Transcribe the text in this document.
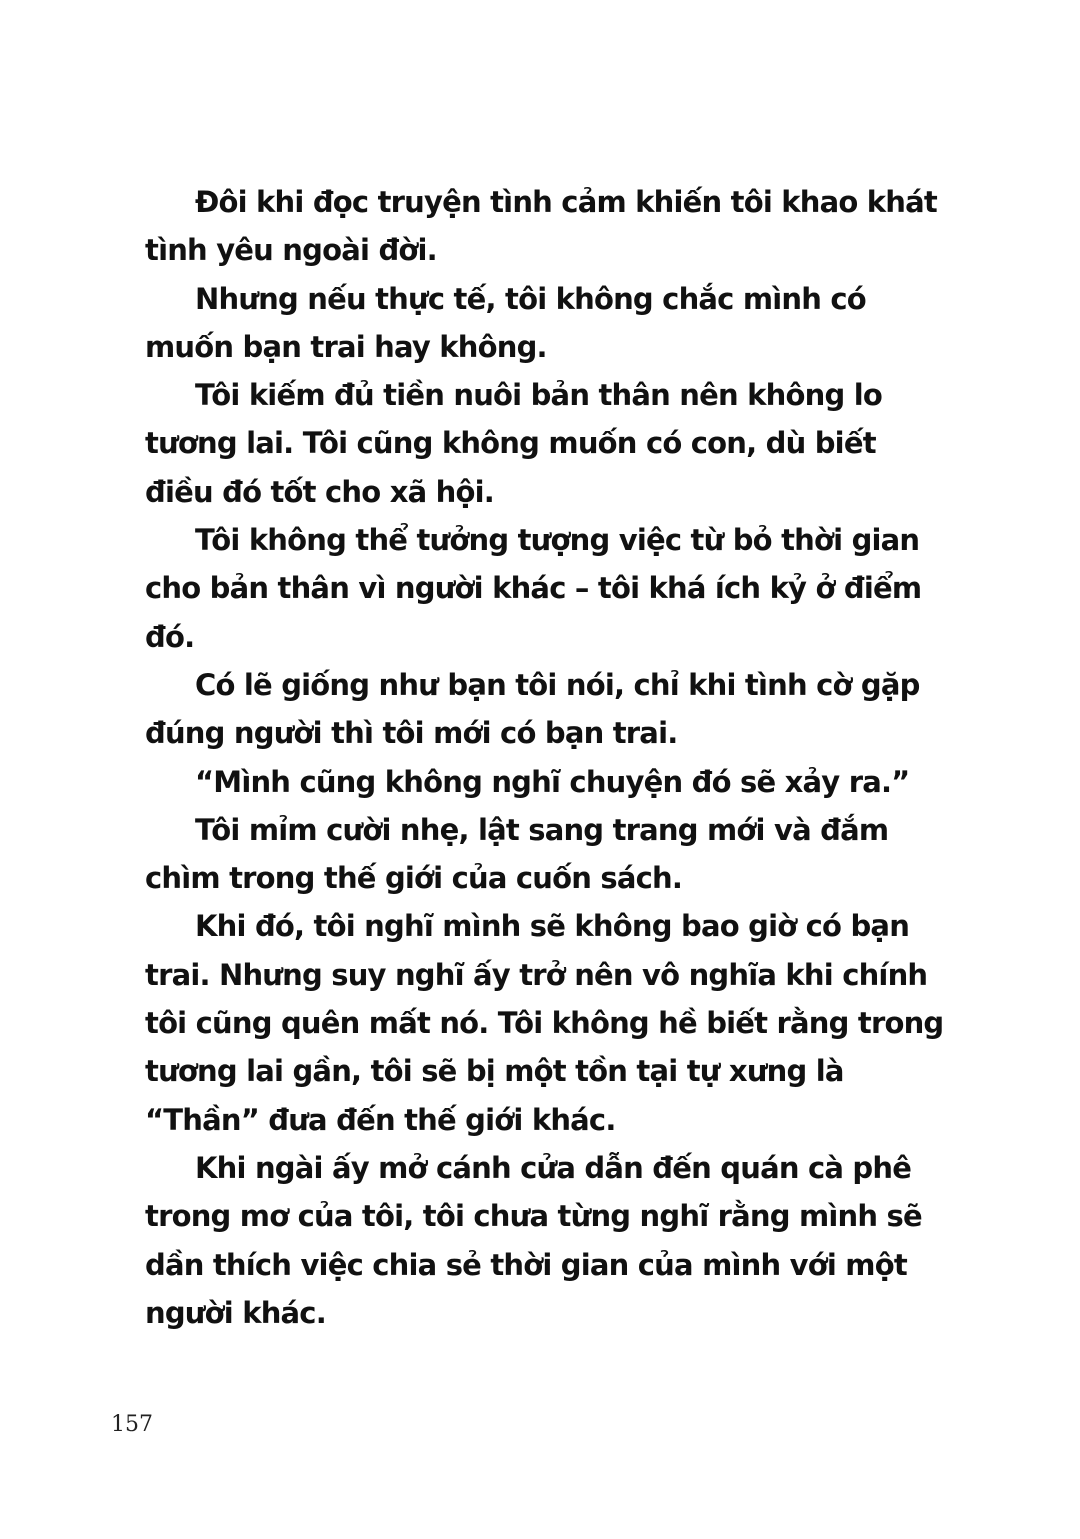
Đôi khi đọc truyện tình cảm khiến tôi khao khát tình yêu ngoài đời.

Nhưng nếu thực tế, tôi không chắc mình có muốn bạn trai hay không.

Tôi kiếm đủ tiền nuôi bản thân nên không lo tương lai. Tôi cũng không muốn có con, dù biết điều đó tốt cho xã hội.

Tôi không thể tưởng tượng việc từ bỏ thời gian cho bản thân vì người khác – tôi khá ích kỷ ở điểm đó.

Có lẽ giống như bạn tôi nói, chỉ khi tình cờ gặp đúng người thì tôi mới có bạn trai.

“Mình cũng không nghĩ chuyện đó sẽ xảy ra.”

Tôi mỉm cười nhẹ, lật sang trang mới và đắm chìm trong thế giới của cuốn sách.

Khi đó, tôi nghĩ mình sẽ không bao giờ có bạn trai. Nhưng suy nghĩ ấy trở nên vô nghĩa khi chính tôi cũng quên mất nó. Tôi không hề biết rằng trong tương lai gần, tôi sẽ bị một tồn tại tự xưng là “Thần” đưa đến thế giới khác.

Khi ngài ấy mở cánh cửa dẫn đến quán cà phê trong mơ của tôi, tôi chưa từng nghĩ rằng mình sẽ dần thích việc chia sẻ thời gian của mình với một người khác.

157
